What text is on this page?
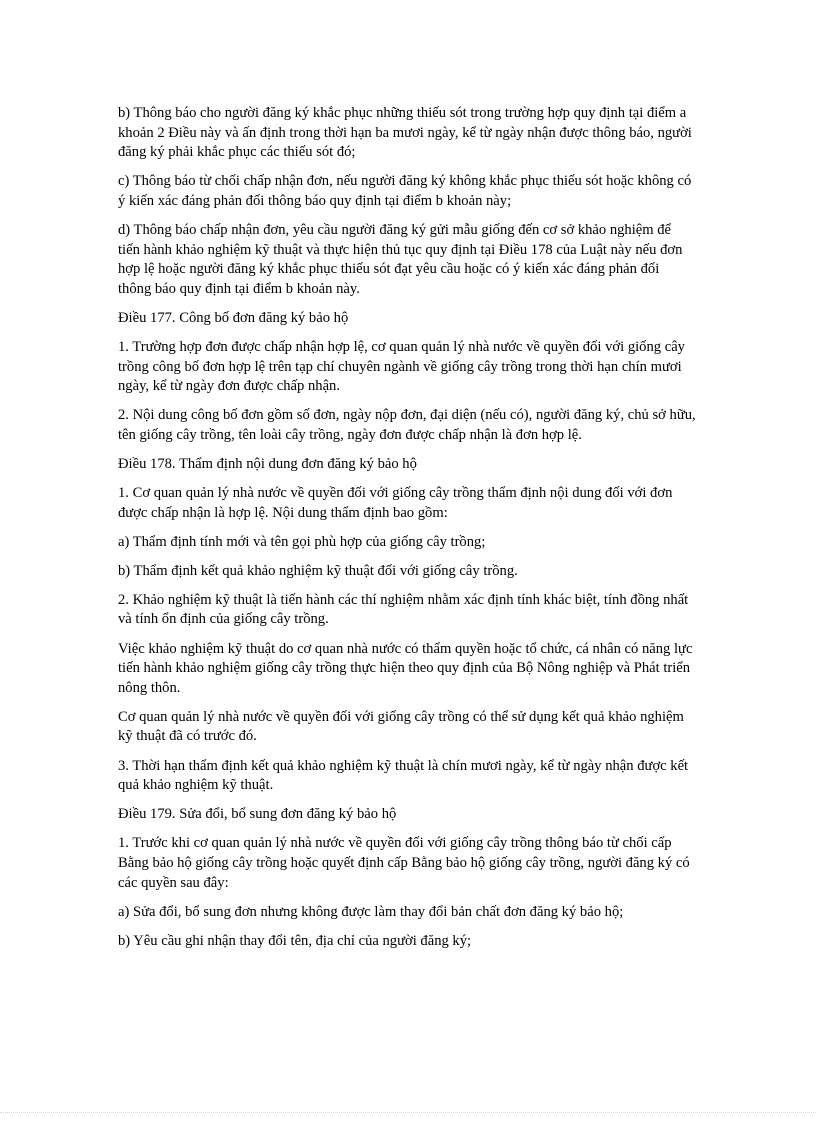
b) Thông báo cho người đăng ký khắc phục những thiếu sót trong trường hợp quy định tại điểm a khoản 2 Điều này và ấn định trong thời hạn ba mươi ngày, kể từ ngày nhận được thông báo, người đăng ký phải khắc phục các thiếu sót đó;

c) Thông báo từ chối chấp nhận đơn, nếu người đăng ký không khắc phục thiếu sót hoặc không có ý kiến xác đáng phản đối thông báo quy định tại điểm b khoản này;

d) Thông báo chấp nhận đơn, yêu cầu người đăng ký gửi mẫu giống đến cơ sở khảo nghiệm để tiến hành khảo nghiệm kỹ thuật và thực hiện thủ tục quy định tại Điều 178 của Luật này nếu đơn hợp lệ hoặc người đăng ký khắc phục thiếu sót đạt yêu cầu hoặc có ý kiến xác đáng phản đối thông báo quy định tại điểm b khoản này.

Điều 177. Công bố đơn đăng ký bảo hộ

1. Trường hợp đơn được chấp nhận hợp lệ, cơ quan quản lý nhà nước về quyền đối với giống cây trồng công bố đơn hợp lệ trên tạp chí chuyên ngành về giống cây trồng trong thời hạn chín mươi ngày, kể từ ngày đơn được chấp nhận.

2. Nội dung công bố đơn gồm số đơn, ngày nộp đơn, đại diện (nếu có), người đăng ký, chủ sở hữu, tên giống cây trồng, tên loài cây trồng, ngày đơn được chấp nhận là đơn hợp lệ.

Điều 178. Thẩm định nội dung đơn đăng ký bảo hộ

1. Cơ quan quản lý nhà nước về quyền đối với giống cây trồng thẩm định nội dung đối với đơn được chấp nhận là hợp lệ. Nội dung thẩm định bao gồm:

a) Thẩm định tính mới và tên gọi phù hợp của giống cây trồng;

b) Thẩm định kết quả khảo nghiệm kỹ thuật đối với giống cây trồng.

2. Khảo nghiệm kỹ thuật là tiến hành các thí nghiệm nhằm xác định tính khác biệt, tính đồng nhất và tính ổn định của giống cây trồng.

Việc khảo nghiệm kỹ thuật do cơ quan nhà nước có thẩm quyền hoặc tổ chức, cá nhân có năng lực tiến hành khảo nghiệm giống cây trồng thực hiện theo quy định của Bộ Nông nghiệp và Phát triển nông thôn.

Cơ quan quản lý nhà nước về quyền đối với giống cây trồng có thể sử dụng kết quả khảo nghiệm kỹ thuật đã có trước đó.

3. Thời hạn thẩm định kết quả khảo nghiệm kỹ thuật là chín mươi ngày, kể từ ngày nhận được kết quả khảo nghiệm kỹ thuật.

Điều 179. Sửa đổi, bổ sung đơn đăng ký bảo hộ

1. Trước khi cơ quan quản lý nhà nước về quyền đối với giống cây trồng thông báo từ chối cấp Bằng bảo hộ giống cây trồng hoặc quyết định cấp Bằng bảo hộ giống cây trồng, người đăng ký có các quyền sau đây:

a) Sửa đổi, bổ sung đơn nhưng không được làm thay đổi bản chất đơn đăng ký bảo hộ;

b) Yêu cầu ghi nhận thay đổi tên, địa chỉ của người đăng ký;
